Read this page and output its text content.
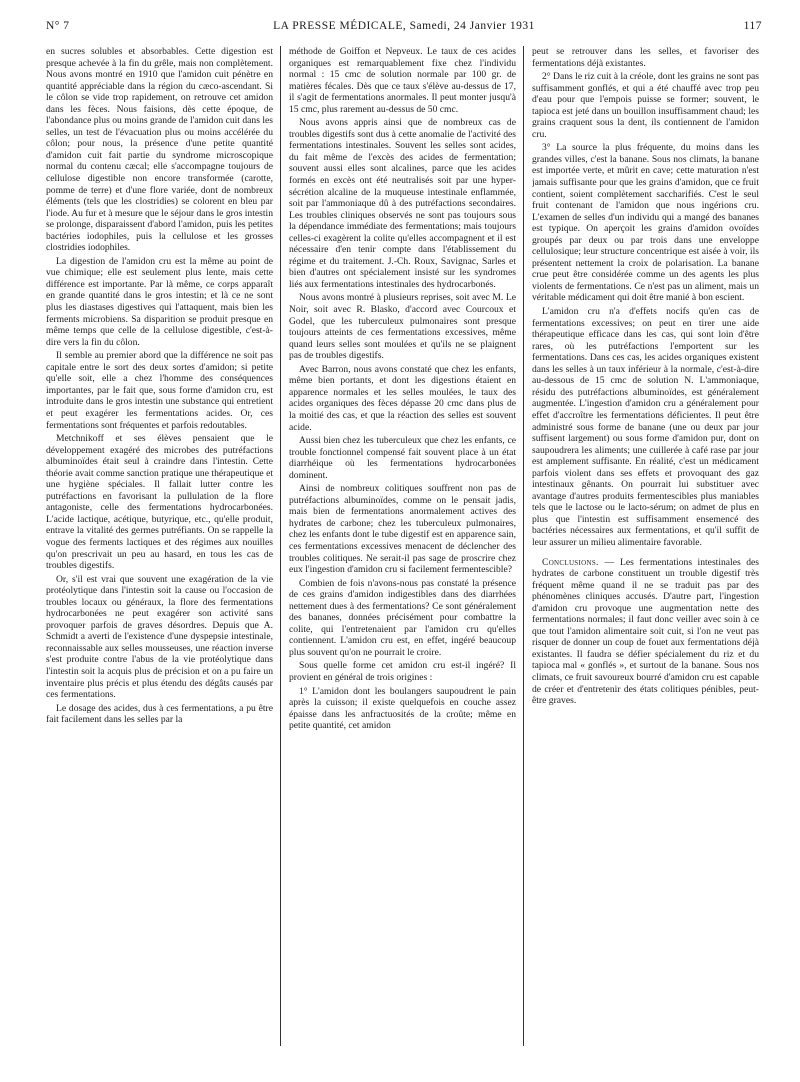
N° 7	LA PRESSE MÉDICALE, Samedi, 24 Janvier 1931	117

en sucres solubles et absorbables. Cette digestion est presque achevée à la fin du grêle, mais non complètement. Nous avons montré en 1910 que l'amidon cuit pénètre en quantité appréciable dans la région du cæco-ascendant. Si le côlon se vide trop rapidement, on retrouve cet amidon dans les fèces. Nous faisions, dès cette époque, de l'abondance plus ou moins grande de l'amidon cuit dans les selles, un test de l'évacuation plus ou moins accélérée du côlon; pour nous, la présence d'une petite quantité d'amidon cuit fait partie du syndrome microscopique normal du contenu cæcal; elle s'accompagne toujours de cellulose digestible non encore transformée (carotte, pomme de terre) et d'une flore variée, dont de nombreux éléments (tels que les clostridies) se colorent en bleu par l'iode. Au fur et à mesure que le séjour dans le gros intestin se prolonge, disparaissent d'abord l'amidon, puis les petites bactéries iodophiles, puis la cellulose et les grosses clostridies iodophiles.

La digestion de l'amidon cru est la même au point de vue chimique; elle est seulement plus lente, mais cette différence est importante. Par là même, ce corps apparaît en grande quantité dans le gros intestin; et là ce ne sont plus les diastases digestives qui l'attaquent, mais bien les ferments microbiens. Sa disparition se produit presque en même temps que celle de la cellulose digestible, c'est-à-dire vers la fin du côlon.

Il semble au premier abord que la différence ne soit pas capitale entre le sort des deux sortes d'amidon; si petite qu'elle soit, elle a chez l'homme des conséquences importantes, par le fait que, sous forme d'amidon cru, est introduite dans le gros intestin une substance qui entretient et peut exagérer les fermentations acides. Or, ces fermentations sont fréquentes et parfois redoutables.

Metchnikoff et ses élèves pensaient que le développement exagéré des microbes des putréfactions albuminoïdes était seul à craindre dans l'intestin. Cette théorie avait comme sanction pratique une thérapeutique et une hygiène spéciales. Il fallait lutter contre les putréfactions en favorisant la pullulation de la flore antagoniste, celle des fermentations hydrocarbonées. L'acide lactique, acétique, butyrique, etc., qu'elle produit, entrave la vitalité des germes putréfiants. On se rappelle la vogue des ferments lactiques et des régimes aux nouilles qu'on prescrivait un peu au hasard, en tous les cas de troubles digestifs.

Or, s'il est vrai que souvent une exagération de la vie protéolytique dans l'intestin soit la cause ou l'occasion de troubles locaux ou généraux, la flore des fermentations hydrocarbonées ne peut exagérer son activité sans provoquer parfois de graves désordres. Depuis que A. Schmidt a averti de l'existence d'une dyspepsie intestinale, reconnaissable aux selles mousseuses, une réaction inverse s'est produite contre l'abus de la vie protéolytique dans l'intestin soit la acquis plus de précision et on a pu faire un inventaire plus précis et plus étendu des dégâts causés par ces fermentations.

Le dosage des acides, dus à ces fermentations, a pu être fait facilement dans les selles par la

méthode de Goiffon et Nepveux. Le taux de ces acides organiques est remarquablement fixe chez l'individu normal : 15 cmc de solution normale par 100 gr. de matières fécales. Dès que ce taux s'élève au-dessus de 17, il s'agit de fermentations anormales. Il peut monter jusqu'à 15 cmc, plus rarement au-dessus de 50 cmc.

Nous avons appris ainsi que de nombreux cas de troubles digestifs sont dus à cette anomalie de l'activité des fermentations intestinales. Souvent les selles sont acides, du fait même de l'excès des acides de fermentation; souvent aussi elles sont alcalines, parce que les acides formés en excès ont été neutralisés soit par une hyper-sécrétion alcaline de la muqueuse intestinale enflammée, soit par l'ammoniaque dû à des putréfactions secondaires. Les troubles cliniques observés ne sont pas toujours sous la dépendance immédiate des fermentations; mais toujours celles-ci exagèrent la colite qu'elles accompagnent et il est nécessaire d'en tenir compte dans l'établissement du régime et du traitement. J.-Ch. Roux, Savignac, Sarles et bien d'autres ont spécialement insisté sur les syndromes liés aux fermentations intestinales des hydrocarbonés.

Nous avons montré à plusieurs reprises, soit avec M. Le Noir, soit avec R. Blasko, d'accord avec Courcoux et Godel, que les tuberculeux pulmonaires sont presque toujours atteints de ces fermentations excessives, même quand leurs selles sont moulées et qu'ils ne se plaignent pas de troubles digestifs.

Avec Barron, nous avons constaté que chez les enfants, même bien portants, et dont les digestions étaient en apparence normales et les selles moulées, le taux des acides organiques des fèces dépasse 20 cmc dans plus de la moitié des cas, et que la réaction des selles est souvent acide.

Aussi bien chez les tuberculeux que chez les enfants, ce trouble fonctionnel compensé fait souvent place à un état diarrhéique où les fermentations hydrocarbonées dominent.

Ainsi de nombreux colitiques souffrent non pas de putréfactions albuminoïdes, comme on le pensait jadis, mais bien de fermentations anormalement actives des hydrates de carbone; chez les tuberculeux pulmonaires, chez les enfants dont le tube digestif est en apparence sain, ces fermentations excessives menacent de déclencher des troubles colitiques. Ne serait-il pas sage de proscrire chez eux l'ingestion d'amidon cru si facilement fermentescible?

Combien de fois n'avons-nous pas constaté la présence de ces grains d'amidon indigestibles dans des diarrhées nettement dues à des fermentations? Ce sont généralement des bananes, données précisément pour combattre la colite, qui l'entretenaient par l'amidon cru qu'elles contiennent. L'amidon cru est, en effet, ingéré beaucoup plus souvent qu'on ne pourrait le croire.

Sous quelle forme cet amidon cru est-il ingéré? Il provient en général de trois origines :

1° L'amidon dont les boulangers saupoudrent le pain après la cuisson; il existe quelquefois en couche assez épaisse dans les anfractuosités de la croûte; même en petite quantité, cet amidon

peut se retrouver dans les selles, et favoriser des fermentations déjà existantes.

2° Dans le riz cuit à la créole, dont les grains ne sont pas suffisamment gonflés, et qui a été chauffé avec trop peu d'eau pour que l'empois puisse se former; souvent, le tapioca est jeté dans un bouillon insuffisamment chaud; les grains craquent sous la dent, ils contiennent de l'amidon cru.

3° La source la plus fréquente, du moins dans les grandes villes, c'est la banane. Sous nos climats, la banane est importée verte, et mûrit en cave; cette maturation n'est jamais suffisante pour que les grains d'amidon, que ce fruit contient, soient complètement saccharifiés. C'est le seul fruit contenant de l'amidon que nous ingérions cru. L'examen de selles d'un individu qui a mangé des bananes est typique. On aperçoit les grains d'amidon ovoïdes groupés par deux ou par trois dans une enveloppe cellulosique; leur structure concentrique est aisée à voir, ils présentent nettement la croix de polarisation. La banane crue peut être considérée comme un des agents les plus violents de fermentations. Ce n'est pas un aliment, mais un véritable médicament qui doit être manié à bon escient.

L'amidon cru n'a d'effets nocifs qu'en cas de fermentations excessives; on peut en tirer une aide thérapeutique efficace dans les cas, qui sont loin d'être rares, où les putréfactions l'emportent sur les fermentations. Dans ces cas, les acides organiques existent dans les selles à un taux inférieur à la normale, c'est-à-dire au-dessous de 15 cmc de solution N. L'ammoniaque, résidu des putréfactions albuminoïdes, est généralement augmentée. L'ingestion d'amidon cru a généralement pour effet d'accroître les fermentations déficientes. Il peut être administré sous forme de banane (une ou deux par jour suffisent largement) ou sous forme d'amidon pur, dont on saupoudrera les aliments; une cuillerée à café rase par jour est amplement suffisante. En réalité, c'est un médicament parfois violent dans ses effets et provoquant des gaz intestinaux gênants. On pourrait lui substituer avec avantage d'autres produits fermentescibles plus maniables tels que le lactose ou le lacto-sérum; on admet de plus en plus que l'intestin est suffisamment ensemencé des bactéries nécessaires aux fermentations, et qu'il suffit de leur assurer un milieu alimentaire favorable.

Conclusions. — Les fermentations intestinales des hydrates de carbone constituent un trouble digestif très fréquent même quand il ne se traduit pas par des phénomènes cliniques accusés. D'autre part, l'ingestion d'amidon cru provoque une augmentation nette des fermentations normales; il faut donc veiller avec soin à ce que tout l'amidon alimentaire soit cuit, si l'on ne veut pas risquer de donner un coup de fouet aux fermentations déjà existantes. Il faudra se défier spécialement du riz et du tapioca mal « gonflés », et surtout de la banane. Sous nos climats, ce fruit savoureux bourré d'amidon cru est capable de créer et d'entretenir des états colitiques pénibles, peut-être graves.
